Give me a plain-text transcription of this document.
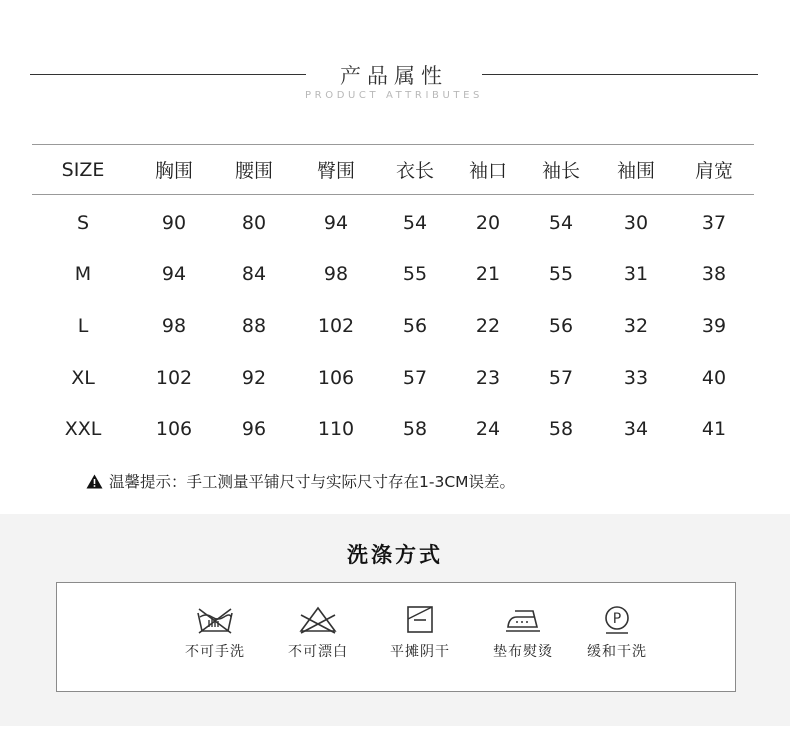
产品属性
PRODUCT ATTRIBUTES
SIZE	胸围	腰围	臀围	衣长	袖口	袖长	袖围	肩宽
S	90	80	94	54	20	54	30	37
M	94	84	98	55	21	55	31	38
L	98	88	102	56	22	56	32	39
XL	102	92	106	57	23	57	33	40
XXL	106	96	110	58	24	58	34	41
温馨提示：手工测量平铺尺寸与实际尺寸存在1-3CM误差。
洗涤方式
不可手洗	不可漂白	平摊阴干	垫布熨烫
P
缓和干洗
